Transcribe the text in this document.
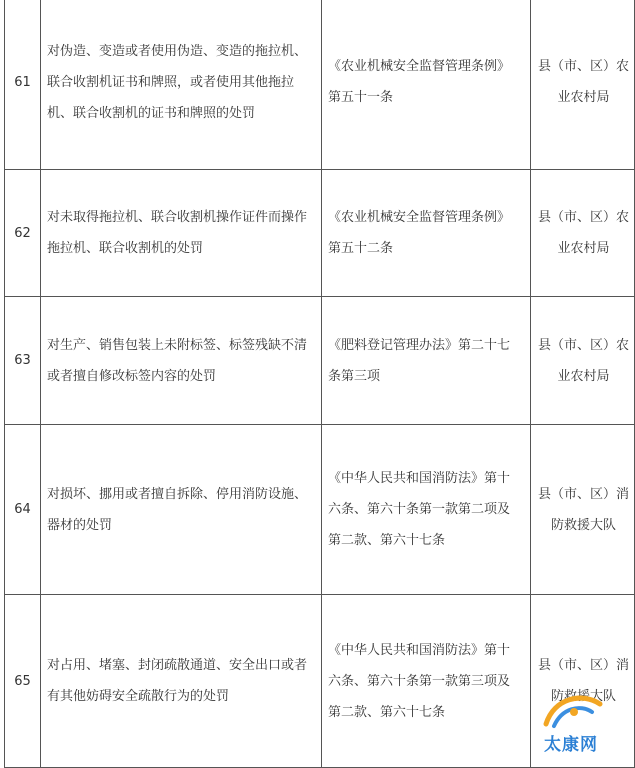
61	对伪造、变造或者使用伪造、变造的拖拉机、联合收割机证书和牌照，或者使用其他拖拉机、联合收割机的证书和牌照的处罚	《农业机械安全监督管理条例》第五十一条	县（市、区）农业农村局
62	对未取得拖拉机、联合收割机操作证件而操作拖拉机、联合收割机的处罚	《农业机械安全监督管理条例》第五十二条	县（市、区）农业农村局
63	对生产、销售包装上未附标签、标签残缺不清或者擅自修改标签内容的处罚	《肥料登记管理办法》第二十七条第三项	县（市、区）农业农村局
64	对损坏、挪用或者擅自拆除、停用消防设施、器材的处罚	《中华人民共和国消防法》第十六条、第六十条第一款第二项及第二款、第六十七条	县（市、区）消防救援大队
65	对占用、堵塞、封闭疏散通道、安全出口或者有其他妨碍安全疏散行为的处罚	《中华人民共和国消防法》第十六条、第六十条第一款第三项及第二款、第六十七条	县（市、区）消防救援大队
太康网
